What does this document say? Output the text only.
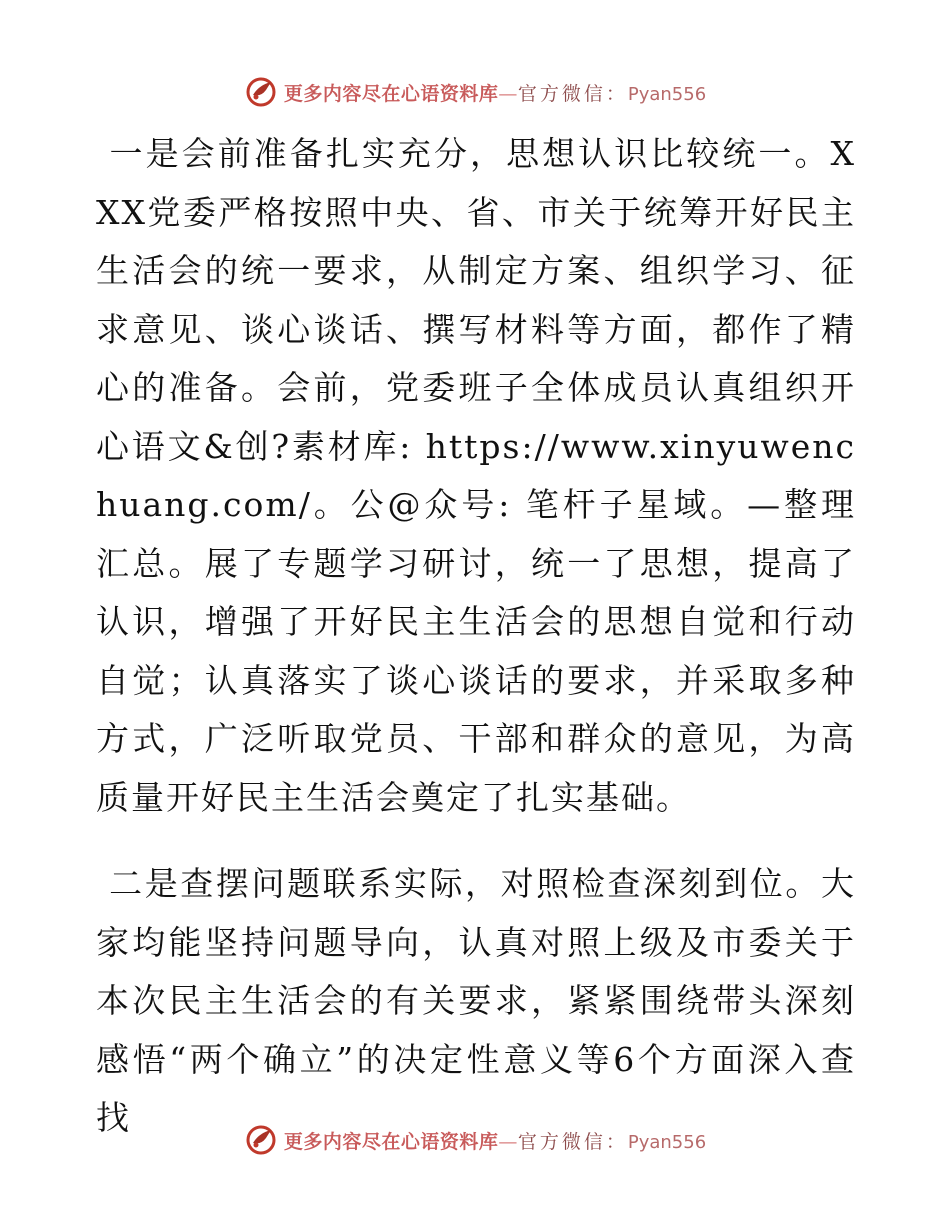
更多内容尽在心语资料库—官方微信：Pyan556

一是会前准备扎实充分，思想认识比较统一。XXX党委严格按照中央、省、市关于统筹开好民主生活会的统一要求，从制定方案、组织学习、征求意见、谈心谈话、撰写材料等方面，都作了精心的准备。会前，党委班子全体成员认真组织开心语文&创?素材库: https://www.xinyuwenchuang.com/。公@众号: 笔杆子星域。—整理汇总。展了专题学习研讨，统一了思想，提高了认识，增强了开好民主生活会的思想自觉和行动自觉；认真落实了谈心谈话的要求，并采取多种方式，广泛听取党员、干部和群众的意见，为高质量开好民主生活会奠定了扎实基础。

二是查摆问题联系实际，对照检查深刻到位。大家均能坚持问题导向，认真对照上级及市委关于本次民主生活会的有关要求，紧紧围绕带头深刻感悟“两个确立”的决定性意义等6个方面深入查找

更多内容尽在心语资料库—官方微信：Pyan556
